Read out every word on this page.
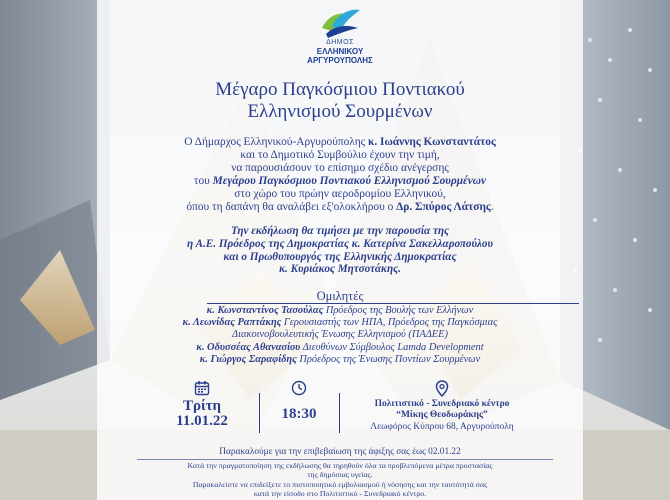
ΔΗΜΟΣ
ΕΛΛΗΝΙΚΟΥ
ΑΡΓΥΡΟΥΠΟΛΗΣ
Μέγαρο Παγκόσμιου Ποντιακού
Ελληνισμού Σουρμένων
Ο Δήμαρχος Ελληνικού-Αργυρούπολης κ. Ιωάννης Κωνσταντάτος
και το Δημοτικό Συμβούλιο έχουν την τιμή,
να παρουσιάσουν το επίσημο σχέδιο ανέγερσης
του Μεγάρου Παγκόσμιου Ποντιακού Ελληνισμού Σουρμένων
στο χώρο του πρώην αεροδρομίου Ελληνικού,
όπου τη δαπάνη θα αναλάβει εξ'ολοκλήρου ο Δρ. Σπύρος Λάτσης.
Την εκδήλωση θα τιμήσει με την παρουσία της
η Α.Ε. Πρόεδρος της Δημοκρατίας κ. Κατερίνα Σακελλαροπούλου
και ο Πρωθυπουργός της Ελληνικής Δημοκρατίας
κ. Κυριάκος Μητσοτάκης.
Ομιλητές
κ. Κωνσταντίνος Τασούλας Πρόεδρος της Βουλής των Ελλήνων
κ. Λεωνίδας Ραπτάκης Γερουσιαστής των ΗΠΑ, Πρόεδρος της Παγκόσμιας
Διακοινοβουλευτικής Ένωσης Ελληνισμού (ΠΑΔΕΕ)
κ. Οδυσσέας Αθανασίου Διευθύνων Σύμβουλος Lamda Development
κ. Γιώργος Σαραφίδης Πρόεδρος της Ένωσης Ποντίων Σουρμένων
Τρίτη
11.01.22	18:30
Πολιτιστικό - Συνεδριακό κέντρο
“Μίκης Θεοδωράκης”
Λεωφόρος Κύπρου 68, Αργυρούπολη
Παρακαλούμε για την επιβεβαίωση της άφιξης σας έως 02.01.22
Κατά την πραγματοποίηση της εκδήλωσης θα τηρηθούν όλα τα προβλεπόμενα μέτρα προστασίας
της δημόσιας υγείας.
Παρακαλείστε να επιδείξετε το πιστοποιητικό εμβολιασμού ή νόσησης και την ταυτότητά σας
κατά την είσοδο στο Πολιτιστικό - Συνεδριακό κέντρο.
